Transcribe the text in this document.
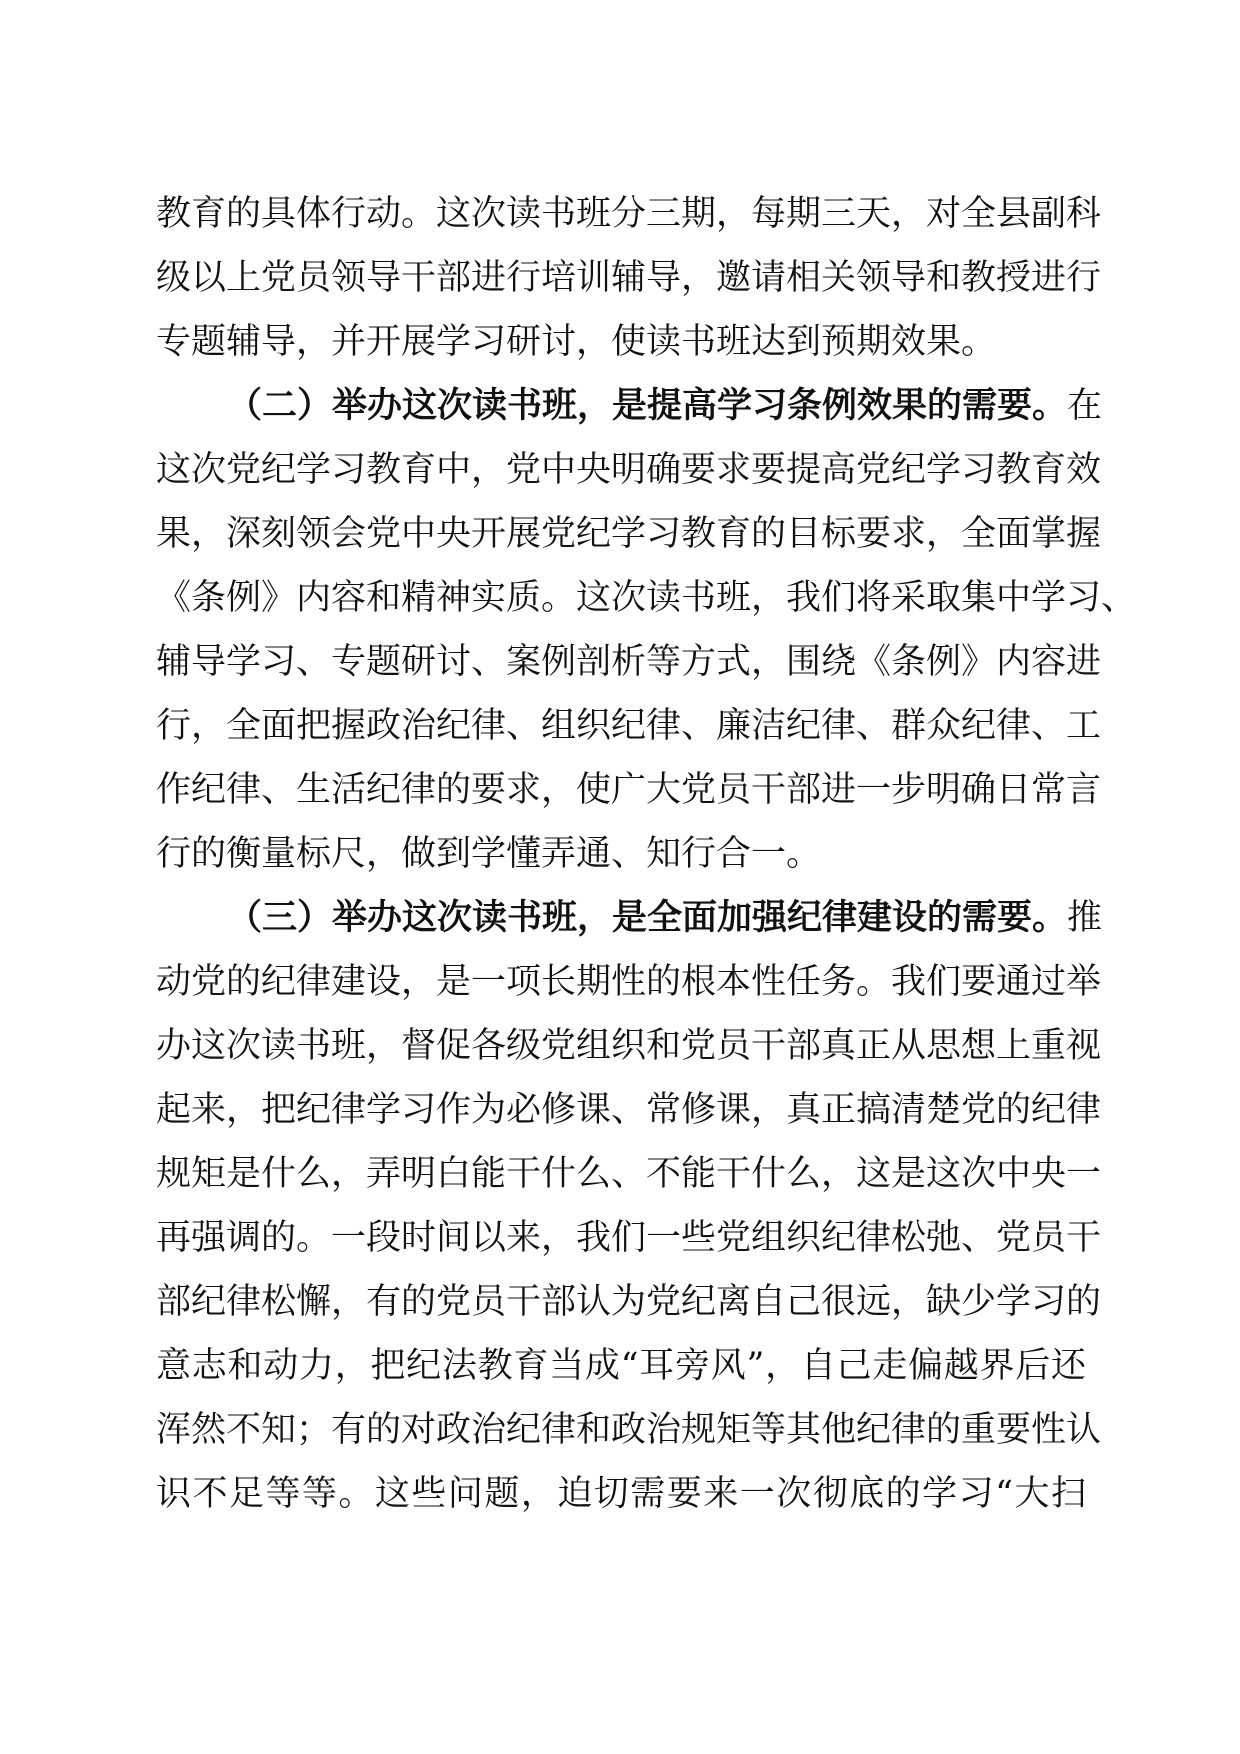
教育的具体行动。这次读书班分三期，每期三天，对全县副科
级以上党员领导干部进行培训辅导，邀请相关领导和教授进行
专题辅导，并开展学习研讨，使读书班达到预期效果。
（二）举办这次读书班，是提高学习条例效果的需要。在
这次党纪学习教育中，党中央明确要求要提高党纪学习教育效
果，深刻领会党中央开展党纪学习教育的目标要求，全面掌握
《条例》内容和精神实质。这次读书班，我们将采取集中学习、
辅导学习、专题研讨、案例剖析等方式，围绕《条例》内容进
行，全面把握政治纪律、组织纪律、廉洁纪律、群众纪律、工
作纪律、生活纪律的要求，使广大党员干部进一步明确日常言
行的衡量标尺，做到学懂弄通、知行合一。
（三）举办这次读书班，是全面加强纪律建设的需要。推
动党的纪律建设，是一项长期性的根本性任务。我们要通过举
办这次读书班，督促各级党组织和党员干部真正从思想上重视
起来，把纪律学习作为必修课、常修课，真正搞清楚党的纪律
规矩是什么，弄明白能干什么、不能干什么，这是这次中央一
再强调的。一段时间以来，我们一些党组织纪律松弛、党员干
部纪律松懈，有的党员干部认为党纪离自己很远，缺少学习的
意志和动力，把纪法教育当成“耳旁风”，自己走偏越界后还
浑然不知；有的对政治纪律和政治规矩等其他纪律的重要性认
识不足等等。这些问题，迫切需要来一次彻底的学习“大扫
